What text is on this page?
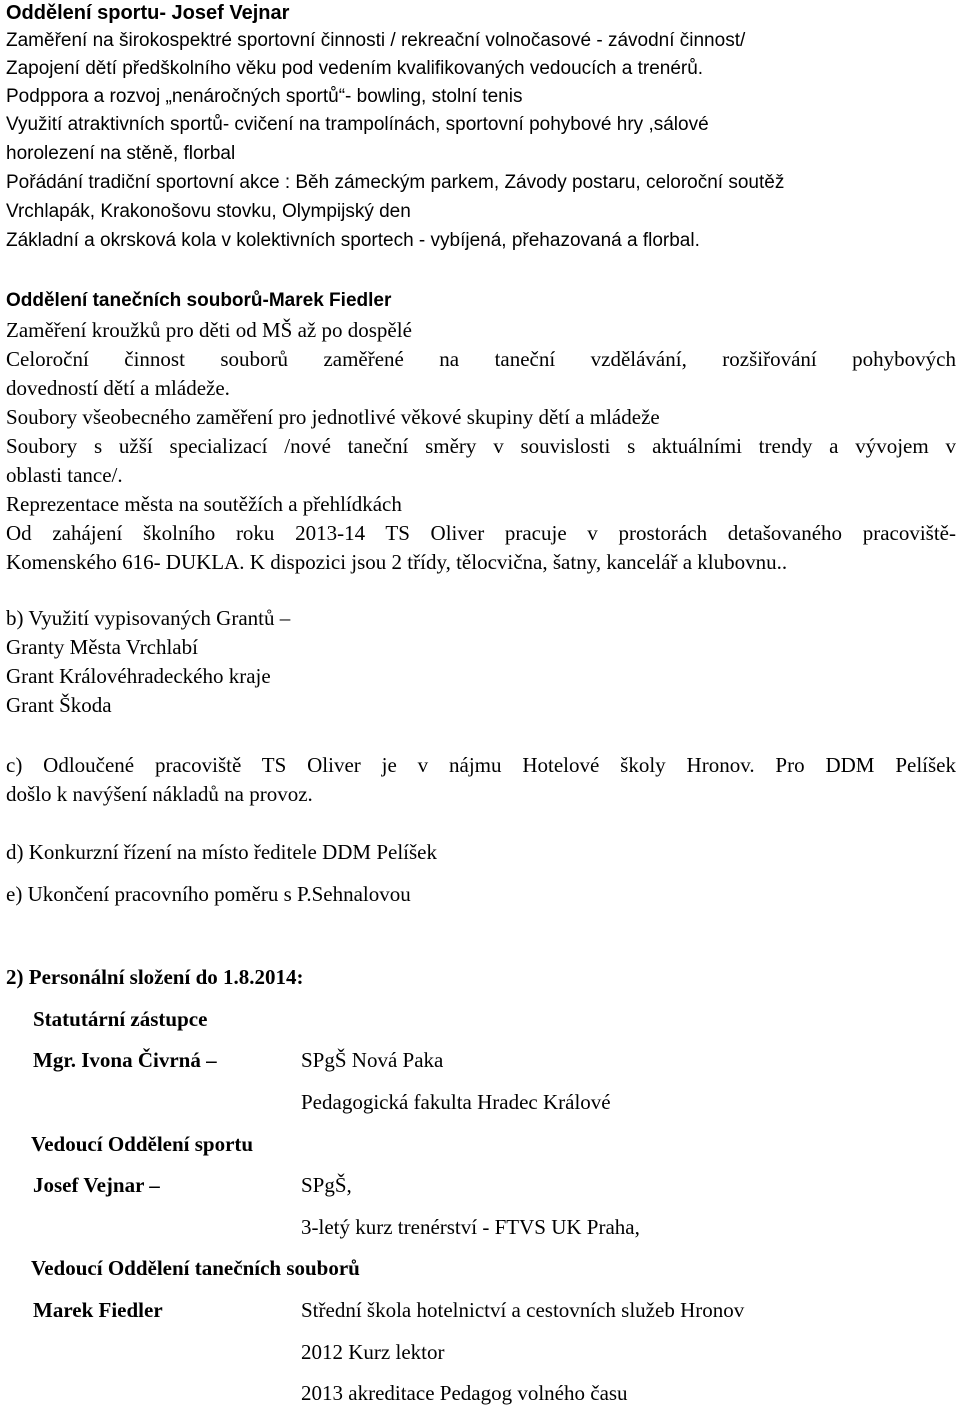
Oddělení sportu- Josef Vejnar
Zaměření na širokospektré sportovní činnosti / rekreační volnočasové - závodní činnost/
Zapojení dětí předškolního věku pod vedením kvalifikovaných vedoucích a trenérů.
Podppora a rozvoj „nenáročných sportů“- bowling, stolní tenis
Využití atraktivních sportů- cvičení na trampolínách, sportovní pohybové hry ,sálové
horolezení na stěně, florbal
Pořádání tradiční sportovní akce : Běh zámeckým parkem, Závody postaru, celoroční soutěž
Vrchlapák, Krakonošovu stovku, Olympijský den
Základní a okrsková kola v kolektivních sportech - vybíjená, přehazovaná a florbal.
Oddělení tanečních souborů-Marek Fiedler
Zaměření kroužků pro děti od MŠ až po dospělé
Celoroční činnost souborů zaměřené na taneční vzdělávání, rozšiřování pohybových
dovedností dětí a mládeže.
Soubory všeobecného zaměření pro jednotlivé věkové skupiny dětí a mládeže
Soubory s užší specializací /nové taneční směry v souvislosti s aktuálními trendy a vývojem v
oblasti tance/.
Reprezentace města na soutěžích a přehlídkách
Od zahájení školního roku 2013-14 TS Oliver pracuje v prostorách detašovaného pracoviště-
Komenského 616- DUKLA. K dispozici jsou 2 třídy, tělocvična, šatny, kancelář a klubovnu..
b) Využití vypisovaných Grantů –
Granty Města Vrchlabí
Grant Královéhradeckého kraje
Grant Škoda
c) Odloučené pracoviště TS Oliver je v nájmu Hotelové školy Hronov. Pro DDM Pelíšek
došlo k navýšení nákladů na provoz.
d) Konkurzní řízení na místo ředitele DDM Pelíšek
e) Ukončení pracovního poměru s P.Sehnalovou
2) Personální složení do 1.8.2014:
Statutární zástupce
Mgr. Ivona Čivrná –	SPgŠ Nová Paka
Pedagogická fakulta Hradec Králové
Vedoucí Oddělení sportu
Josef Vejnar –	SPgŠ,
3-letý kurz trenérství - FTVS UK Praha,
Vedoucí Oddělení tanečních souborů
Marek Fiedler	Střední škola hotelnictví a cestovních služeb Hronov
2012 Kurz lektor
2013 akreditace Pedagog volného času
